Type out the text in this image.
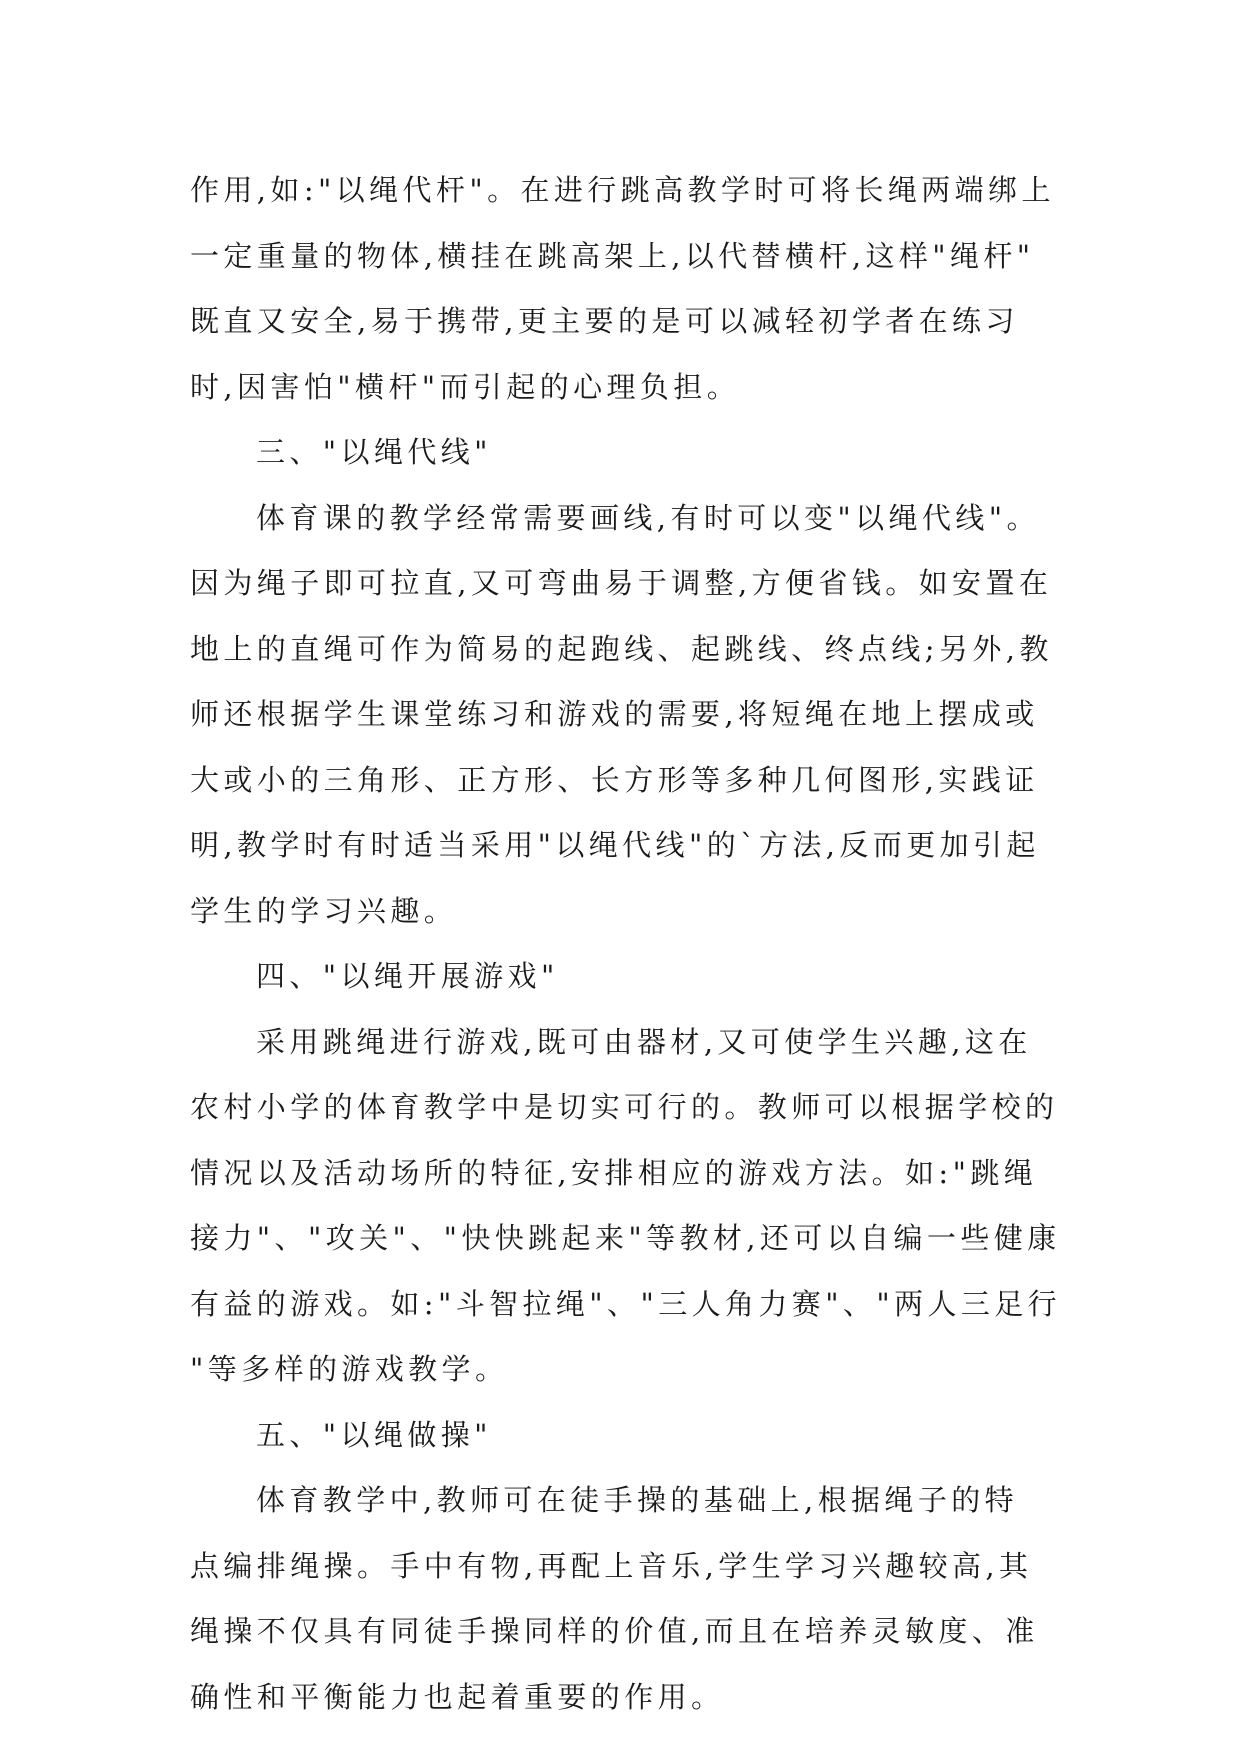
作用,如:"以绳代杆"。在进行跳高教学时可将长绳两端绑上
一定重量的物体,横挂在跳高架上,以代替横杆,这样"绳杆"
既直又安全,易于携带,更主要的是可以减轻初学者在练习
时,因害怕"横杆"而引起的心理负担。
三、"以绳代线"
体育课的教学经常需要画线,有时可以变"以绳代线"。
因为绳子即可拉直,又可弯曲易于调整,方便省钱。如安置在
地上的直绳可作为简易的起跑线、起跳线、终点线;另外,教
师还根据学生课堂练习和游戏的需要,将短绳在地上摆成或
大或小的三角形、正方形、长方形等多种几何图形,实践证
明,教学时有时适当采用"以绳代线"的`方法,反而更加引起
学生的学习兴趣。
四、"以绳开展游戏"
采用跳绳进行游戏,既可由器材,又可使学生兴趣,这在
农村小学的体育教学中是切实可行的。教师可以根据学校的
情况以及活动场所的特征,安排相应的游戏方法。如:"跳绳
接力"、"攻关"、"快快跳起来"等教材,还可以自编一些健康
有益的游戏。如:"斗智拉绳"、"三人角力赛"、"两人三足行
"等多样的游戏教学。
五、"以绳做操"
体育教学中,教师可在徒手操的基础上,根据绳子的特
点编排绳操。手中有物,再配上音乐,学生学习兴趣较高,其
绳操不仅具有同徒手操同样的价值,而且在培养灵敏度、准
确性和平衡能力也起着重要的作用。
